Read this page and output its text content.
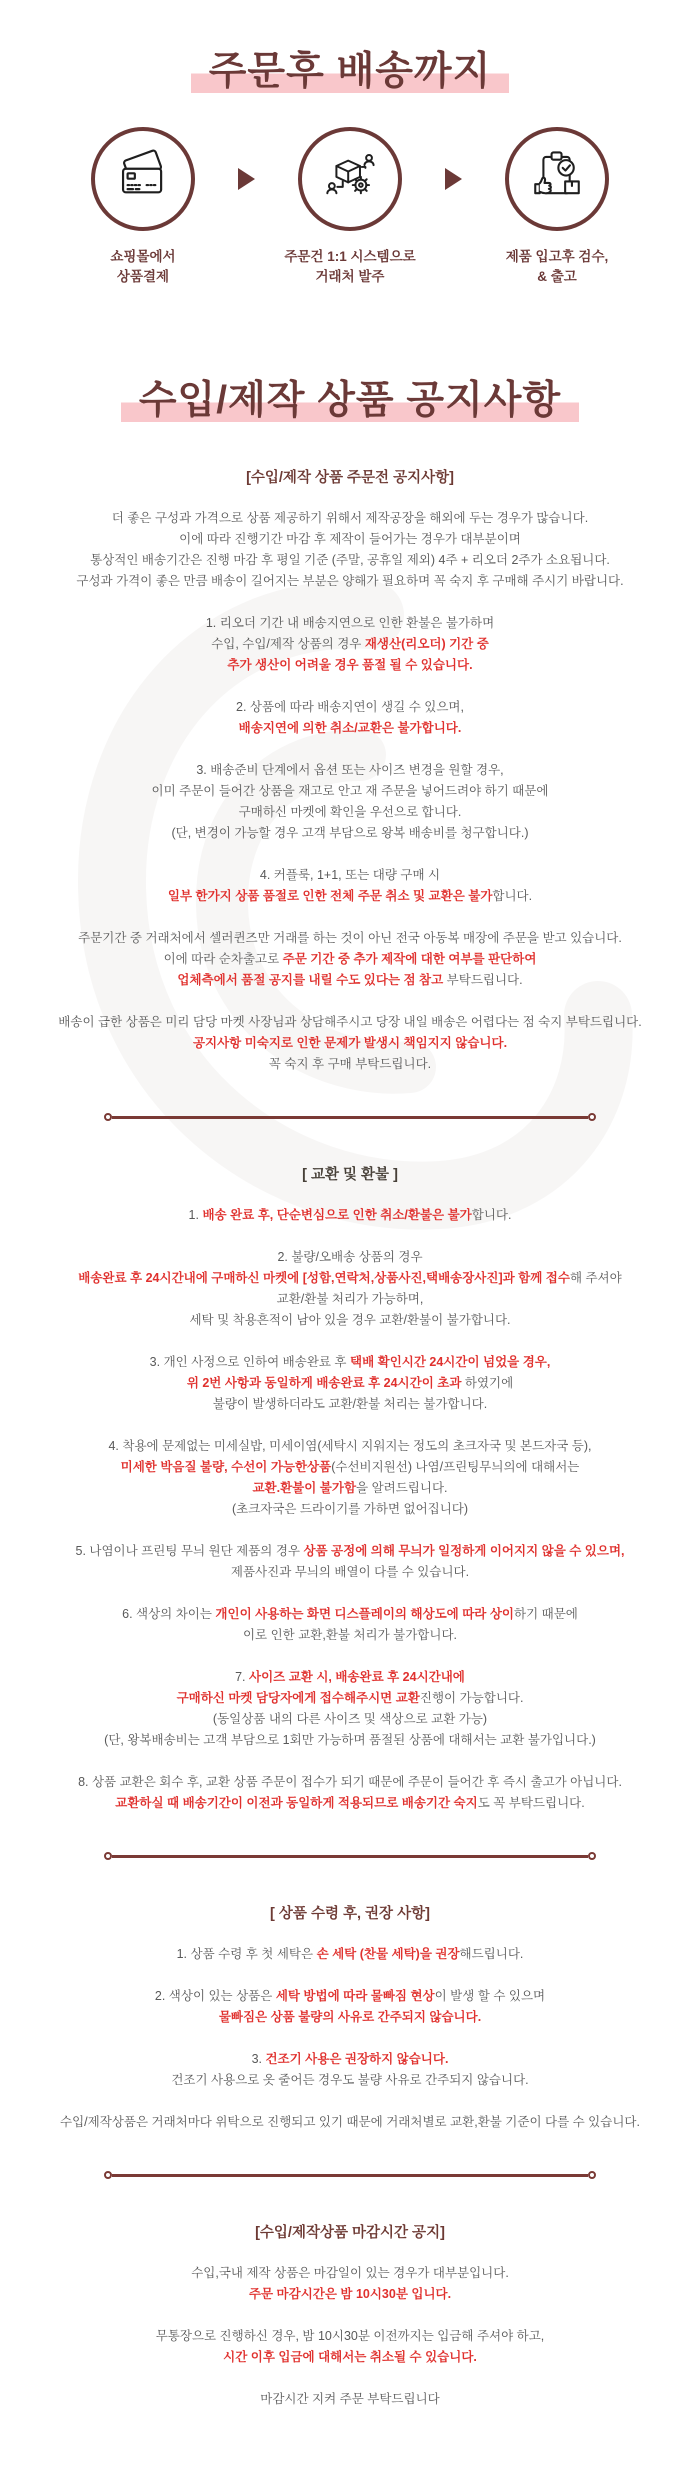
주문후 배송까지
쇼핑몰에서
상품결제
주문건 1:1 시스템으로
거래처 발주
제품 입고후 검수,
& 출고
수입/제작 상품 공지사항
[수입/제작 상품 주문전 공지사항]

더 좋은 구성과 가격으로 상품 제공하기 위해서 제작공장을 해외에 두는 경우가 많습니다.
이에 따라 진행기간 마감 후 제작이 들어가는 경우가 대부분이며
통상적인 배송기간은 진행 마감 후 평일 기준 (주말, 공휴일 제외) 4주 + 리오더 2주가 소요됩니다.
구성과 가격이 좋은 만큼 배송이 길어지는 부분은 양해가 필요하며 꼭 숙지 후 구매해 주시기 바랍니다.

1. 리오더 기간 내 배송지연으로 인한 환불은 불가하며
수입, 수입/제작 상품의 경우 재생산(리오더) 기간 중
추가 생산이 어려울 경우 품절 될 수 있습니다.

2. 상품에 따라 배송지연이 생길 수 있으며,
배송지연에 의한 취소/교환은 불가합니다.

3. 배송준비 단계에서 옵션 또는 사이즈 변경을 원할 경우,
이미 주문이 들어간 상품을 재고로 안고 재 주문을 넣어드려야 하기 때문에
구매하신 마켓에 확인을 우선으로 합니다.
(단, 변경이 가능할 경우 고객 부담으로 왕복 배송비를 청구합니다.)

4. 커플룩, 1+1, 또는 대량 구매 시
일부 한가지 상품 품절로 인한 전체 주문 취소 및 교환은 불가합니다.

주문기간 중 거래처에서 셀러퀸즈만 거래를 하는 것이 아닌 전국 아동복 매장에 주문을 받고 있습니다.
이에 따라 순차출고로 주문 기간 중 추가 제작에 대한 여부를 판단하여
업체측에서 품절 공지를 내릴 수도 있다는 점 참고 부탁드립니다.

배송이 급한 상품은 미리 담당 마켓 사장님과 상담해주시고 당장 내일 배송은 어렵다는 점 숙지 부탁드립니다.
공지사항 미숙지로 인한 문제가 발생시 책임지지 않습니다.
꼭 숙지 후 구매 부탁드립니다.

[ 교환 및 환불 ]

1. 배송 완료 후, 단순변심으로 인한 취소/환불은 불가합니다.

2. 불량/오배송 상품의 경우
배송완료 후 24시간내에 구매하신 마켓에 [성함,연락처,상품사진,택배송장사진]과 함께 접수해 주셔야
교환/환불 처리가 가능하며,
세탁 및 착용흔적이 남아 있을 경우 교환/환불이 불가합니다.

3. 개인 사정으로 인하여 배송완료 후 택배 확인시간 24시간이 넘었을 경우,
위 2번 사항과 동일하게 배송완료 후 24시간이 초과 하였기에
불량이 발생하더라도 교환/환불 처리는 불가합니다.

4. 착용에 문제없는 미세실밥, 미세이염(세탁시 지워지는 정도의 초크자국 및 본드자국 등),
미세한 박음질 불량, 수선이 가능한상품(수선비지원선) 나염/프린팅무늬의에 대해서는
교환.환불이 불가함을 알려드립니다.
(초크자국은 드라이기를 가하면 없어집니다)

5. 나염이나 프린팅 무늬 원단 제품의 경우 상품 공정에 의해 무늬가 일정하게 이어지지 않을 수 있으며,
제품사진과 무늬의 배열이 다를 수 있습니다.

6. 색상의 차이는 개인이 사용하는 화면 디스플레이의 해상도에 따라 상이하기 때문에
이로 인한 교환,환불 처리가 불가합니다.

7. 사이즈 교환 시, 배송완료 후 24시간내에
구매하신 마켓 담당자에게 접수해주시면 교환진행이 가능합니다.
(동일상품 내의 다른 사이즈 및 색상으로 교환 가능)
(단, 왕복배송비는 고객 부담으로 1회만 가능하며 품절된 상품에 대해서는 교환 불가입니다.)

8. 상품 교환은 회수 후, 교환 상품 주문이 접수가 되기 때문에 주문이 들어간 후 즉시 출고가 아닙니다.
교환하실 때 배송기간이 이전과 동일하게 적용되므로 배송기간 숙지도 꼭 부탁드립니다.

[ 상품 수령 후, 권장 사항]

1. 상품 수령 후 첫 세탁은 손 세탁 (찬물 세탁)을 권장해드립니다.

2. 색상이 있는 상품은 세탁 방법에 따라 물빠짐 현상이 발생 할 수 있으며
물빠짐은 상품 불량의 사유로 간주되지 않습니다.

3. 건조기 사용은 권장하지 않습니다.
건조기 사용으로 옷 줄어든 경우도 불량 사유로 간주되지 않습니다.

수입/제작상품은 거래처마다 위탁으로 진행되고 있기 때문에 거래처별로 교환,환불 기준이 다를 수 있습니다.

[수입/제작상품 마감시간 공지]

수입,국내 제작 상품은 마감일이 있는 경우가 대부분입니다.
주문 마감시간은 밤 10시30분 입니다.

무통장으로 진행하신 경우, 밤 10시30분 이전까지는 입금해 주셔야 하고,
시간 이후 입금에 대해서는 취소될 수 있습니다.

마감시간 지켜 주문 부탁드립니다
